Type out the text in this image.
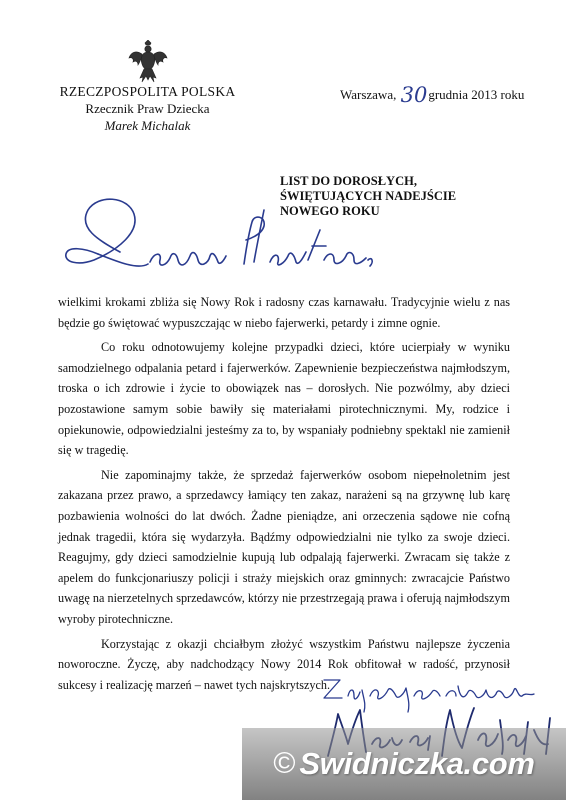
RZECZPOSPOLITA POLSKA
Rzecznik Praw Dziecka
Marek Michalak
Warszawa, 30grudnia 2013 roku
LIST DO DOROSŁYCH,
ŚWIĘTUJĄCYCH NADEJŚCIE
NOWEGO ROKU

wielkimi krokami zbliża się Nowy Rok i radosny czas karnawału. Tradycyjnie wielu z nas będzie go świętować wypuszczając w niebo fajerwerki, petardy i zimne ognie.

Co roku odnotowujemy kolejne przypadki dzieci, które ucierpiały w wyniku samodzielnego odpalania petard i fajerwerków. Zapewnienie bezpieczeństwa najmłodszym, troska o ich zdrowie i życie to obowiązek nas – dorosłych. Nie pozwólmy, aby dzieci pozostawione samym sobie bawiły się materiałami pirotechnicznymi. My, rodzice i opiekunowie, odpowiedzialni jesteśmy za to, by wspaniały podniebny spektakl nie zamienił się w tragedię.

Nie zapominajmy także, że sprzedaż fajerwerków osobom niepełnoletnim jest zakazana przez prawo, a sprzedawcy łamiący ten zakaz, narażeni są na grzywnę lub karę pozbawienia wolności do lat dwóch. Żadne pieniądze, ani orzeczenia sądowe nie cofną jednak tragedii, która się wydarzyła. Bądźmy odpowiedzialni nie tylko za swoje dzieci. Reagujmy, gdy dzieci samodzielnie kupują lub odpalają fajerwerki. Zwracam się także z apelem do funkcjonariuszy policji i straży miejskich oraz gminnych: zwracajcie Państwo uwagę na nierzetelnych sprzedawców, którzy nie przestrzegają prawa i oferują najmłodszym wyroby pirotechniczne.

Korzystając z okazji chciałbym złożyć wszystkim Państwu najlepsze życzenia noworoczne. Życzę, aby nadchodzący Nowy 2014 Rok obfitował w radość, przynosił sukcesy i realizację marzeń – nawet tych najskrytszych.

© Swidniczka.com
